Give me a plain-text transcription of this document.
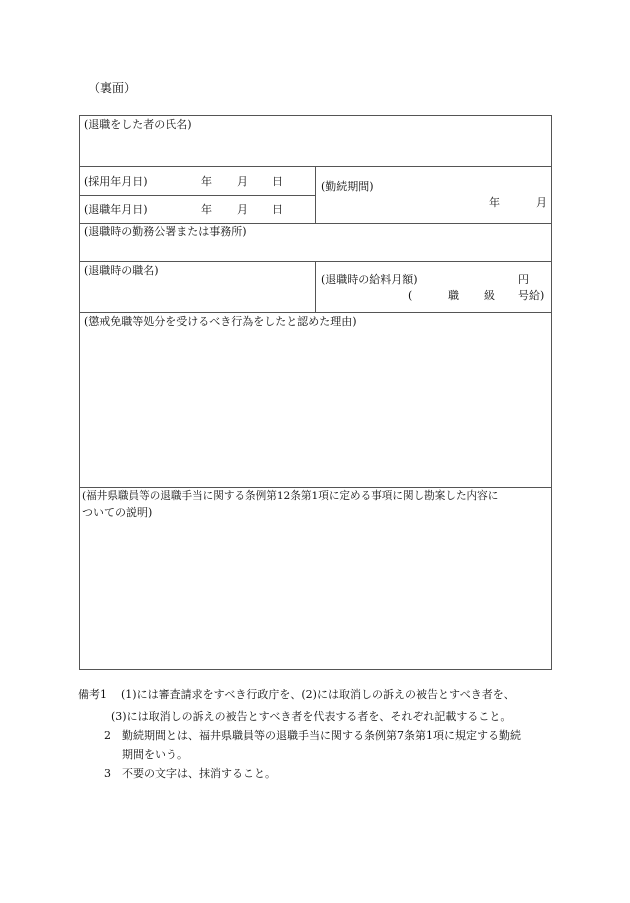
（裏面）
(退職をした者の氏名)
(採用年月日)	年 月 日
(退職年月日)	年 月 日
(勤続期間)
年	月
(退職時の勤務公署または事務所)
(退職時の職名)
(退職時の給料月額)	円
(	職 級 号給)
(懲戒免職等処分を受けるべき行為をしたと認めた理由)
(福井県職員等の退職手当に関する条例第12条第1項に定める事項に関し勘案した内容に
ついての説明)
備考1 (1)には審査請求をすべき行政庁を、(2)には取消しの訴えの被告とすべき者を、
(3)には取消しの訴えの被告とすべき者を代表する者を、それぞれ記載すること。
2 勤続期間とは、福井県職員等の退職手当に関する条例第7条第1項に規定する勤続
期間をいう。
3 不要の文字は、抹消すること。
